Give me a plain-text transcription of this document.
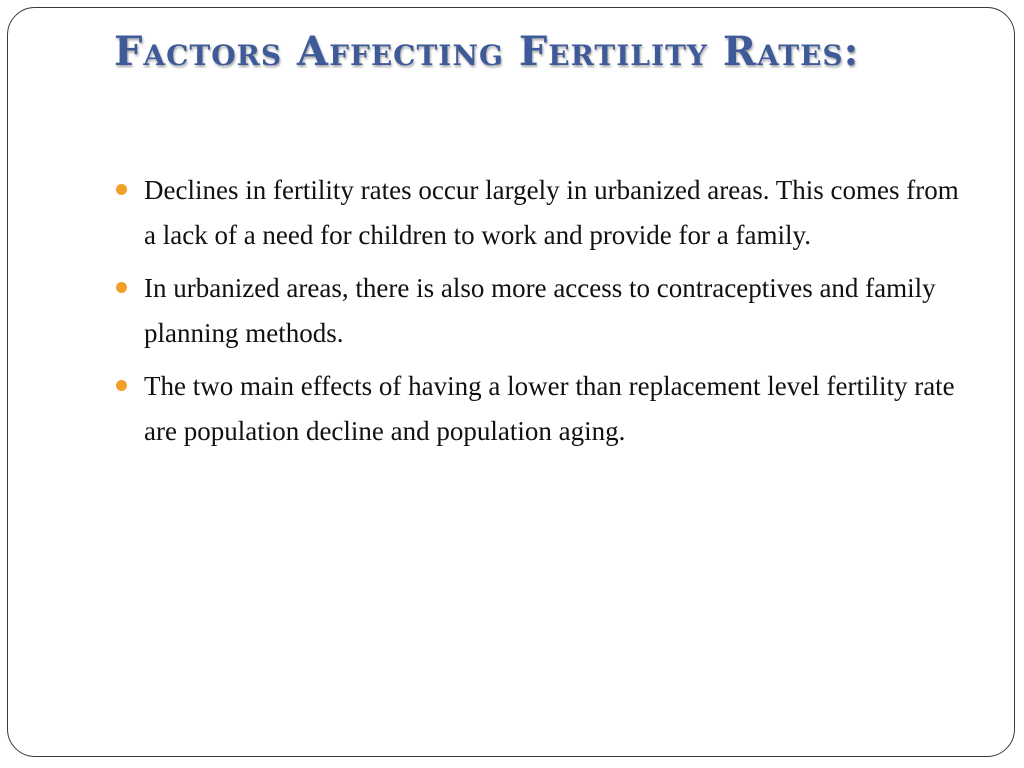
Factors Affecting Fertility Rates:
Declines in fertility rates occur largely in urbanized areas. This comes from a lack of a need for children to work and provide for a family.
In urbanized areas, there is also more access to contraceptives and family planning methods.
The two main effects of having a lower than replacement level fertility rate are population decline and population aging.
